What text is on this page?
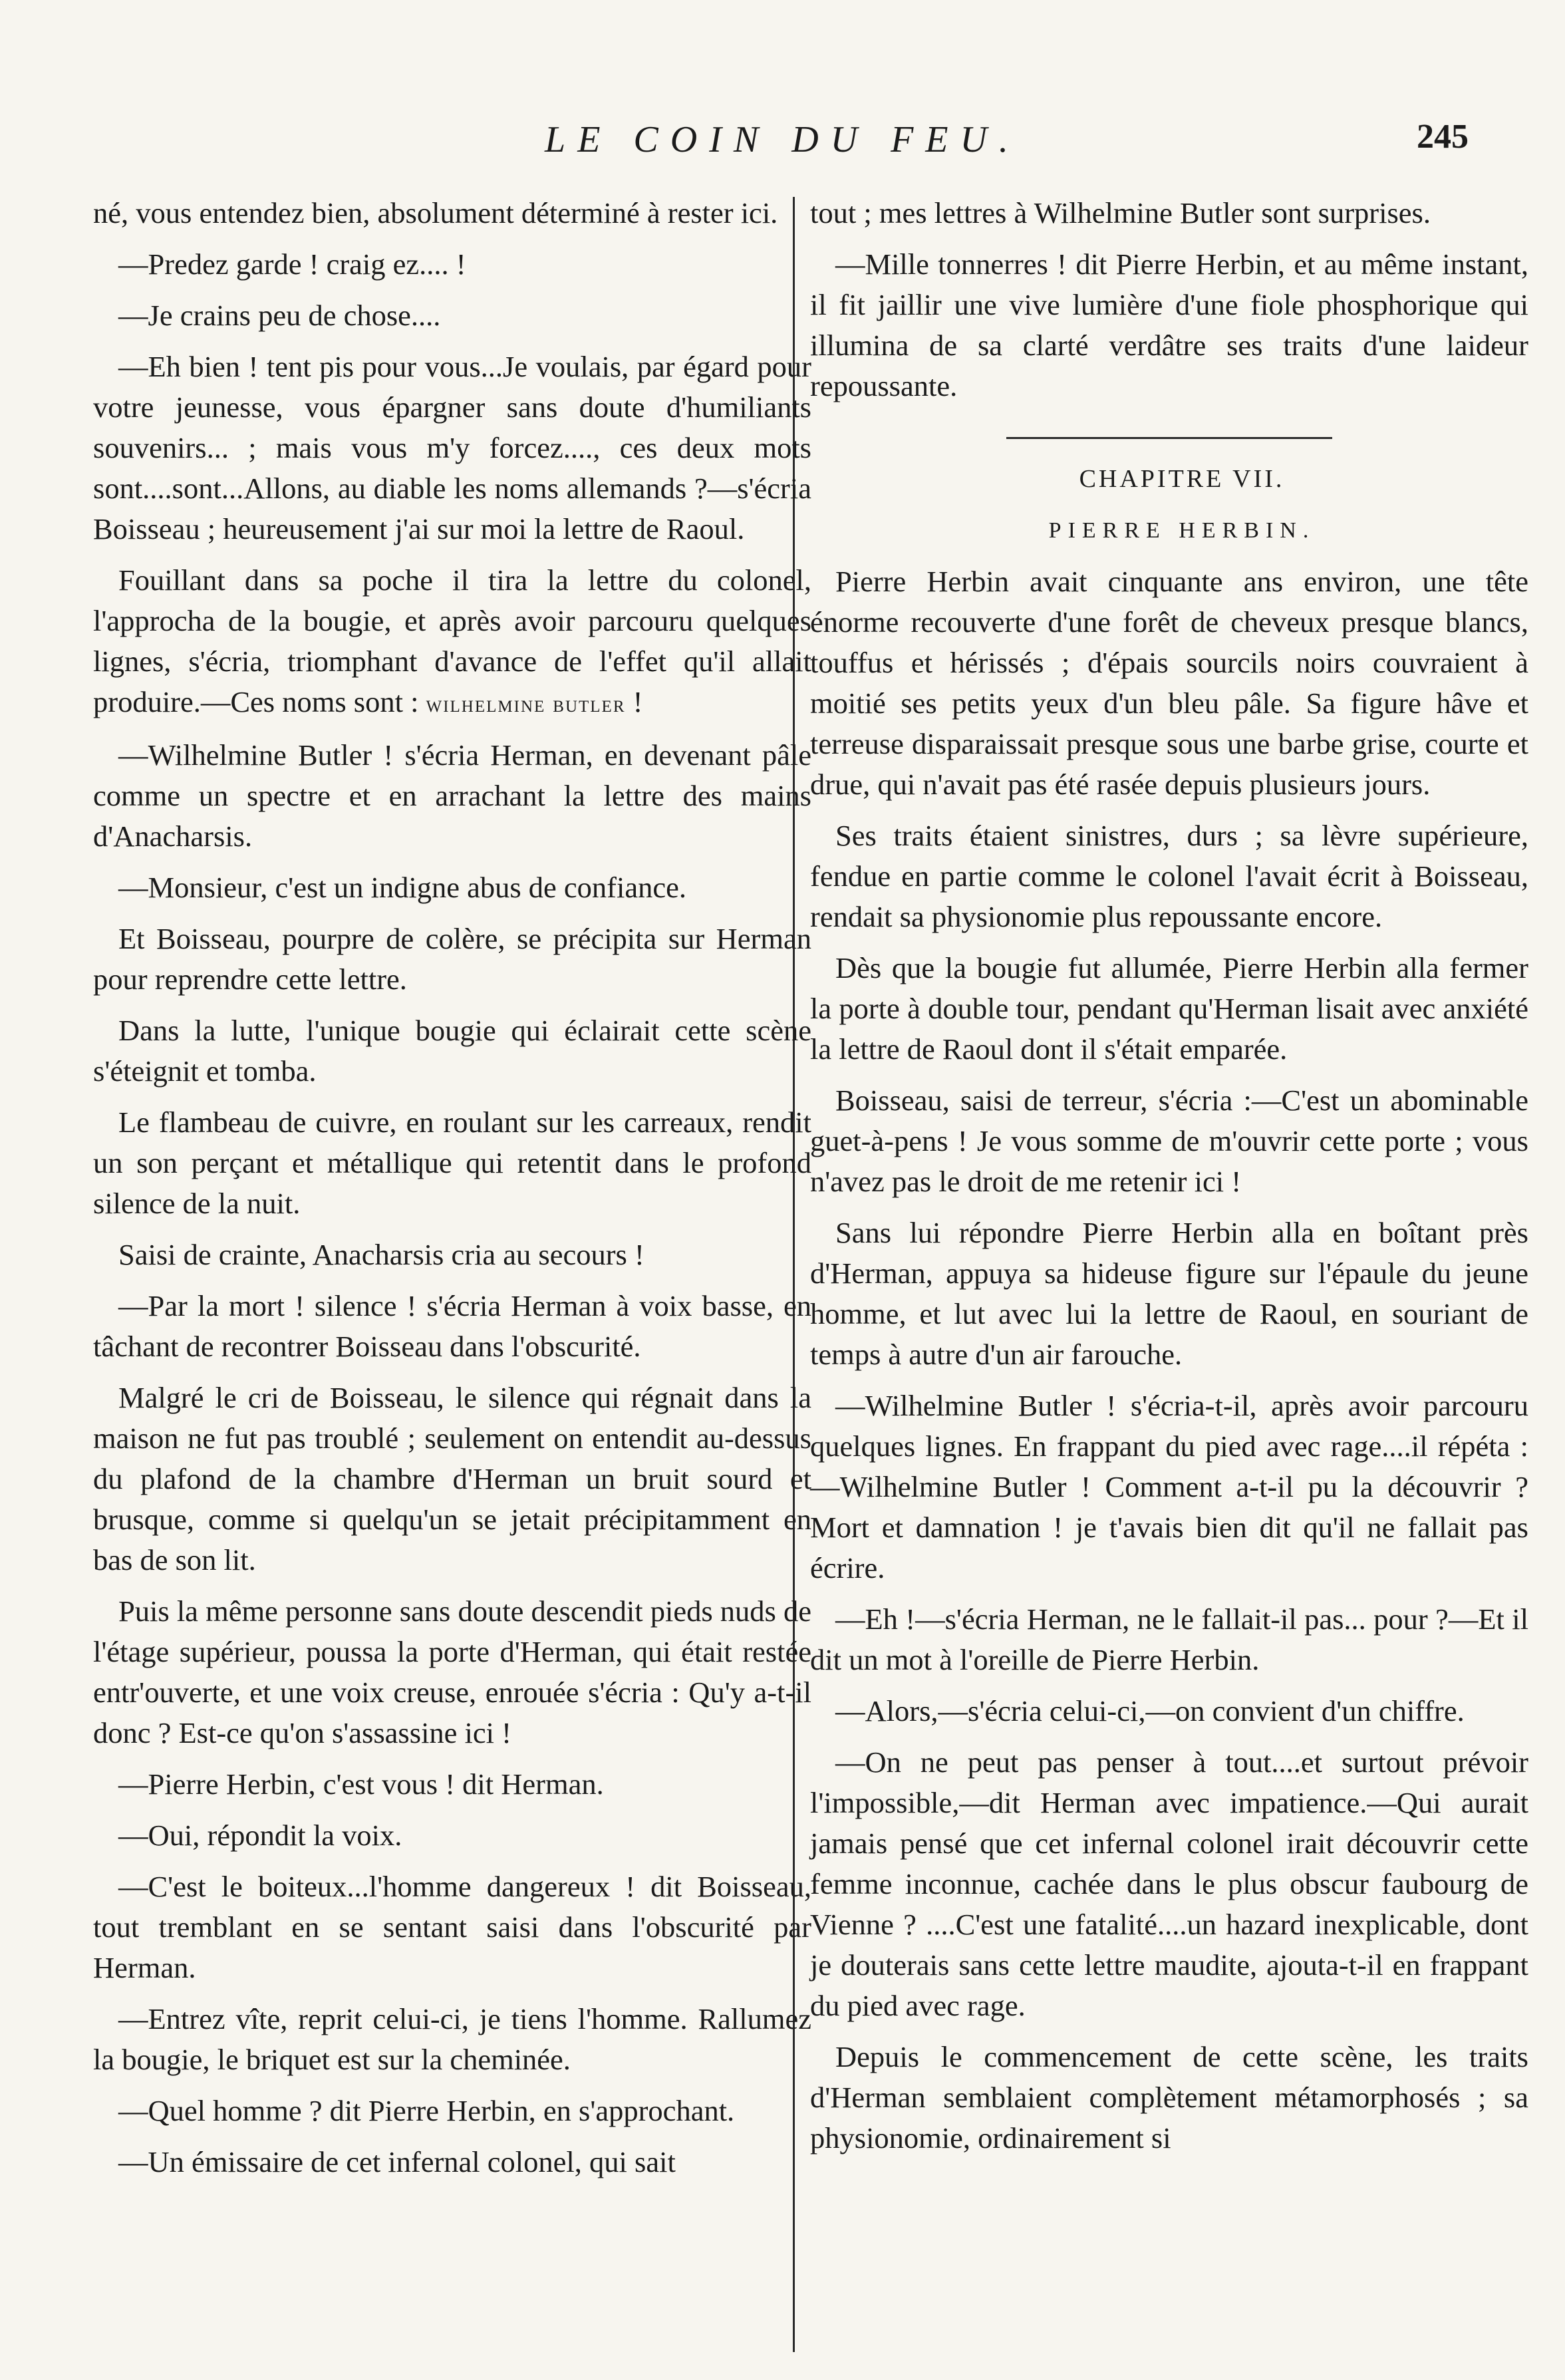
LE COIN DU FEU.	245

né, vous entendez bien, absolument déterminé à rester ici.

—Predez garde ! craig ez.... !

—Je crains peu de chose....

—Eh bien ! tent pis pour vous...Je voulais, par égard pour votre jeunesse, vous épargner sans doute d'humiliants souvenirs... ; mais vous m'y forcez...., ces deux mots sont....sont...Allons, au diable les noms allemands ?—s'écria Boisseau ; heureusement j'ai sur moi la lettre de Raoul.

Fouillant dans sa poche il tira la lettre du colonel, l'approcha de la bougie, et après avoir parcouru quelques lignes, s'écria, triomphant d'avance de l'effet qu'il allait produire.—Ces noms sont : wilhelmine butler !

—Wilhelmine Butler ! s'écria Herman, en devenant pâle comme un spectre et en arrachant la lettre des mains d'Anacharsis.

—Monsieur, c'est un indigne abus de confiance.

Et Boisseau, pourpre de colère, se précipita sur Herman pour reprendre cette lettre.

Dans la lutte, l'unique bougie qui éclairait cette scène s'éteignit et tomba.

Le flambeau de cuivre, en roulant sur les carreaux, rendit un son perçant et métallique qui retentit dans le profond silence de la nuit.

Saisi de crainte, Anacharsis cria au secours !

—Par la mort ! silence ! s'écria Herman à voix basse, en tâchant de recontrer Boisseau dans l'obscurité.

Malgré le cri de Boisseau, le silence qui régnait dans la maison ne fut pas troublé ; seulement on entendit au-dessus du plafond de la chambre d'Herman un bruit sourd et brusque, comme si quelqu'un se jetait précipitamment en bas de son lit.

Puis la même personne sans doute descendit pieds nuds de l'étage supérieur, poussa la porte d'Herman, qui était restée entr'ouverte, et une voix creuse, enrouée s'écria : Qu'y a-t-il donc ? Est-ce qu'on s'assassine ici !

—Pierre Herbin, c'est vous ! dit Herman.

—Oui, répondit la voix.

—C'est le boiteux...l'homme dangereux ! dit Boisseau, tout tremblant en se sentant saisi dans l'obscurité par Herman.

—Entrez vîte, reprit celui-ci, je tiens l'homme. Rallumez la bougie, le briquet est sur la cheminée.

—Quel homme ? dit Pierre Herbin, en s'approchant.

—Un émissaire de cet infernal colonel, qui sait

tout ; mes lettres à Wilhelmine Butler sont surprises.

—Mille tonnerres ! dit Pierre Herbin, et au même instant, il fit jaillir une vive lumière d'une fiole phosphorique qui illumina de sa clarté verdâtre ses traits d'une laideur repoussante.

CHAPITRE VII.

PIERRE HERBIN.

Pierre Herbin avait cinquante ans environ, une tête énorme recouverte d'une forêt de cheveux presque blancs, touffus et hérissés ; d'épais sourcils noirs couvraient à moitié ses petits yeux d'un bleu pâle. Sa figure hâve et terreuse disparaissait presque sous une barbe grise, courte et drue, qui n'avait pas été rasée depuis plusieurs jours.

Ses traits étaient sinistres, durs ; sa lèvre supérieure, fendue en partie comme le colonel l'avait écrit à Boisseau, rendait sa physionomie plus repoussante encore.

Dès que la bougie fut allumée, Pierre Herbin alla fermer la porte à double tour, pendant qu'Herman lisait avec anxiété la lettre de Raoul dont il s'était emparée.

Boisseau, saisi de terreur, s'écria :—C'est un abominable guet-à-pens ! Je vous somme de m'ouvrir cette porte ; vous n'avez pas le droit de me retenir ici !

Sans lui répondre Pierre Herbin alla en boîtant près d'Herman, appuya sa hideuse figure sur l'épaule du jeune homme, et lut avec lui la lettre de Raoul, en souriant de temps à autre d'un air farouche.

—Wilhelmine Butler ! s'écria-t-il, après avoir parcouru quelques lignes. En frappant du pied avec rage....il répéta :—Wilhelmine Butler ! Comment a-t-il pu la découvrir ? Mort et damnation ! je t'avais bien dit qu'il ne fallait pas écrire.

—Eh !—s'écria Herman, ne le fallait-il pas... pour ?—Et il dit un mot à l'oreille de Pierre Herbin.

—Alors,—s'écria celui-ci,—on convient d'un chiffre.

—On ne peut pas penser à tout....et surtout prévoir l'impossible,—dit Herman avec impatience.—Qui aurait jamais pensé que cet infernal colonel irait découvrir cette femme inconnue, cachée dans le plus obscur faubourg de Vienne ? ....C'est une fatalité....un hazard inexplicable, dont je douterais sans cette lettre maudite, ajouta-t-il en frappant du pied avec rage.

Depuis le commencement de cette scène, les traits d'Herman semblaient complètement métamorphosés ; sa physionomie, ordinairement si
